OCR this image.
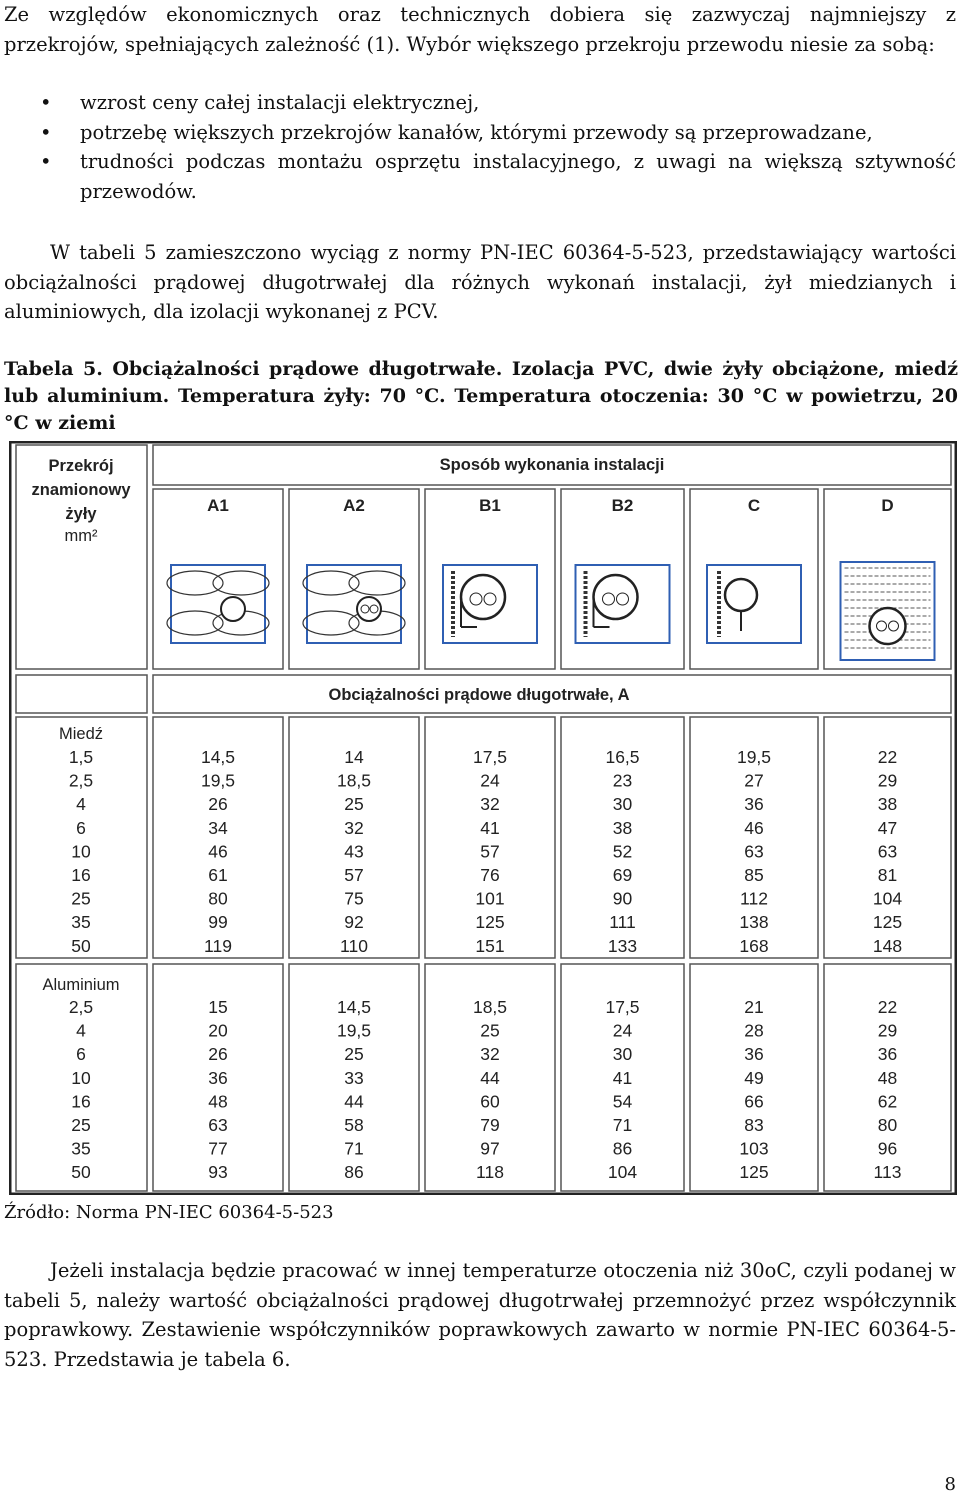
Ze względów ekonomicznych oraz technicznych dobiera się zazwyczaj najmniejszy z przekrojów, spełniających zależność (1). Wybór większego przekroju przewodu niesie za sobą:

• wzrost ceny całej instalacji elektrycznej,
• potrzebę większych przekrojów kanałów, którymi przewody są przeprowadzane,
• trudności podczas montażu osprzętu instalacyjnego, z uwagi na większą sztywność przewodów.

W tabeli 5 zamieszczono wyciąg z normy PN-IEC 60364-5-523, przedstawiający wartości obciążalności prądowej długotrwałej dla różnych wykonań instalacji, żył miedzianych i aluminiowych, dla izolacji wykonanej z PCV.

Tabela 5. Obciążalności prądowe długotrwałe. Izolacja PVC, dwie żyły obciążone, miedź lub aluminium. Temperatura żyły: 70 °C. Temperatura otoczenia: 30 °C w powietrzu, 20 °C w ziemi

Przekrój
znamionowy
żyły
mm²
Sposób wykonania instalacji
A1	A2	B1	B2	C	D
Obciążalności prądowe długotrwałe, A
Miedź
1,5	14,5	14	17,5	16,5	19,5	22
2,5	19,5	18,5	24	23	27	29
4	26	25	32	30	36	38
6	34	32	41	38	46	47
10	46	43	57	52	63	63
16	61	57	76	69	85	81
25	80	75	101	90	112	104
35	99	92	125	111	138	125
50	119	110	151	133	168	148
Aluminium
2,5	15	14,5	18,5	17,5	21	22
4	20	19,5	25	24	28	29
6	26	25	32	30	36	36
10	36	33	44	41	49	48
16	48	44	60	54	66	62
25	63	58	79	71	83	80
35	77	71	97	86	103	96
50	93	86	118	104	125	113
Źródło: Norma PN-IEC 60364-5-523

Jeżeli instalacja będzie pracować w innej temperaturze otoczenia niż 30oC, czyli podanej w tabeli 5, należy wartość obciążalności prądowej długotrwałej przemnożyć przez współczynnik poprawkowy. Zestawienie współczynników poprawkowych zawarto w normie PN-IEC 60364-5-523. Przedstawia je tabela 6.

8
